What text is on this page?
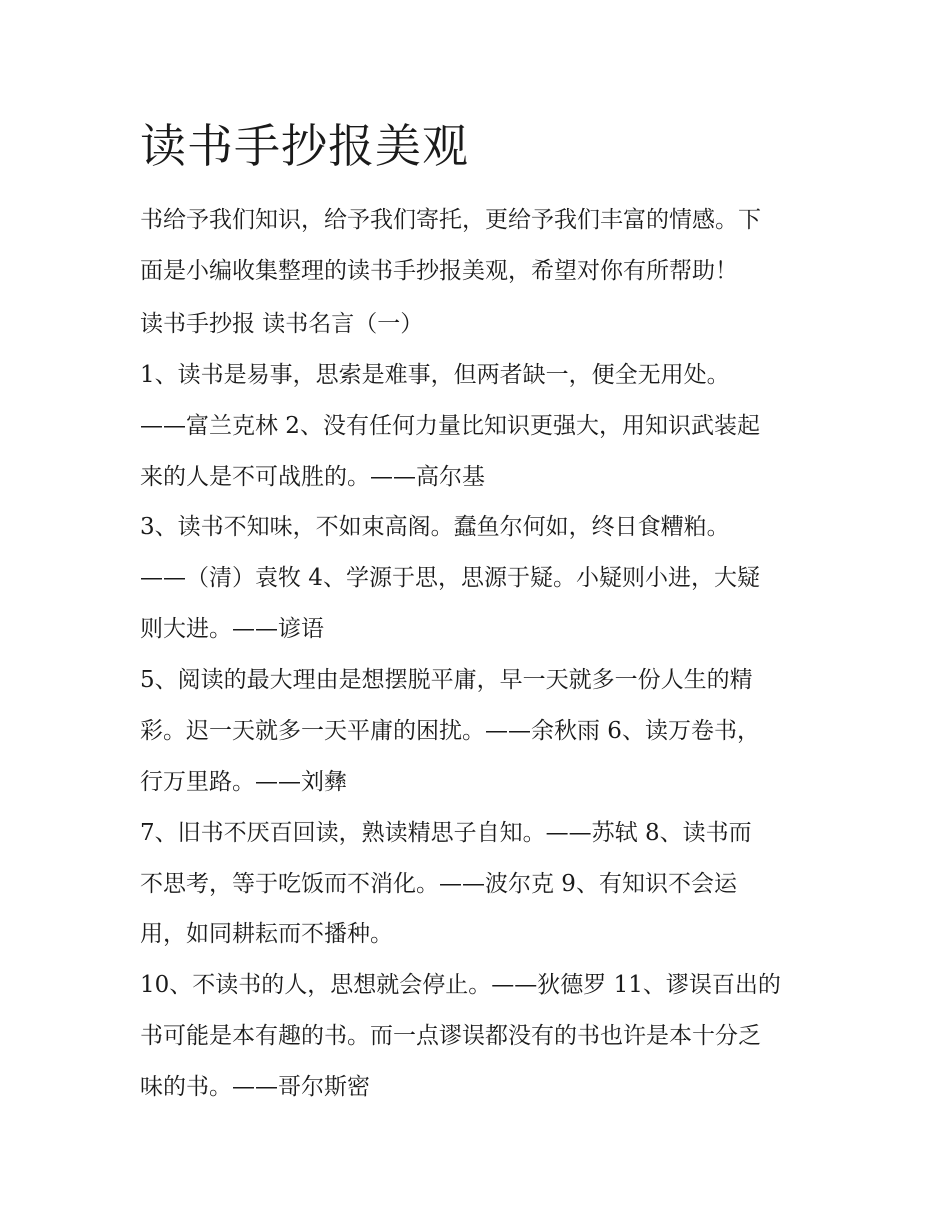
读书手抄报美观
书给予我们知识，给予我们寄托，更给予我们丰富的情感。下
面是小编收集整理的读书手抄报美观，希望对你有所帮助！
读书手抄报 读书名言（一）
1、读书是易事，思索是难事，但两者缺一，便全无用处。
——富兰克林 2、没有任何力量比知识更强大，用知识武装起
来的人是不可战胜的。——高尔基
3、读书不知味，不如束高阁。蠢鱼尔何如，终日食糟粕。
——（清）袁牧 4、学源于思，思源于疑。小疑则小进，大疑
则大进。——谚语
5、阅读的最大理由是想摆脱平庸，早一天就多一份人生的精
彩。迟一天就多一天平庸的困扰。——余秋雨 6、读万卷书，
行万里路。——刘彝
7、旧书不厌百回读，熟读精思子自知。——苏轼 8、读书而
不思考，等于吃饭而不消化。——波尔克 9、有知识不会运
用，如同耕耘而不播种。
10、不读书的人，思想就会停止。——狄德罗 11、谬误百出的
书可能是本有趣的书。而一点谬误都没有的书也许是本十分乏
味的书。——哥尔斯密
